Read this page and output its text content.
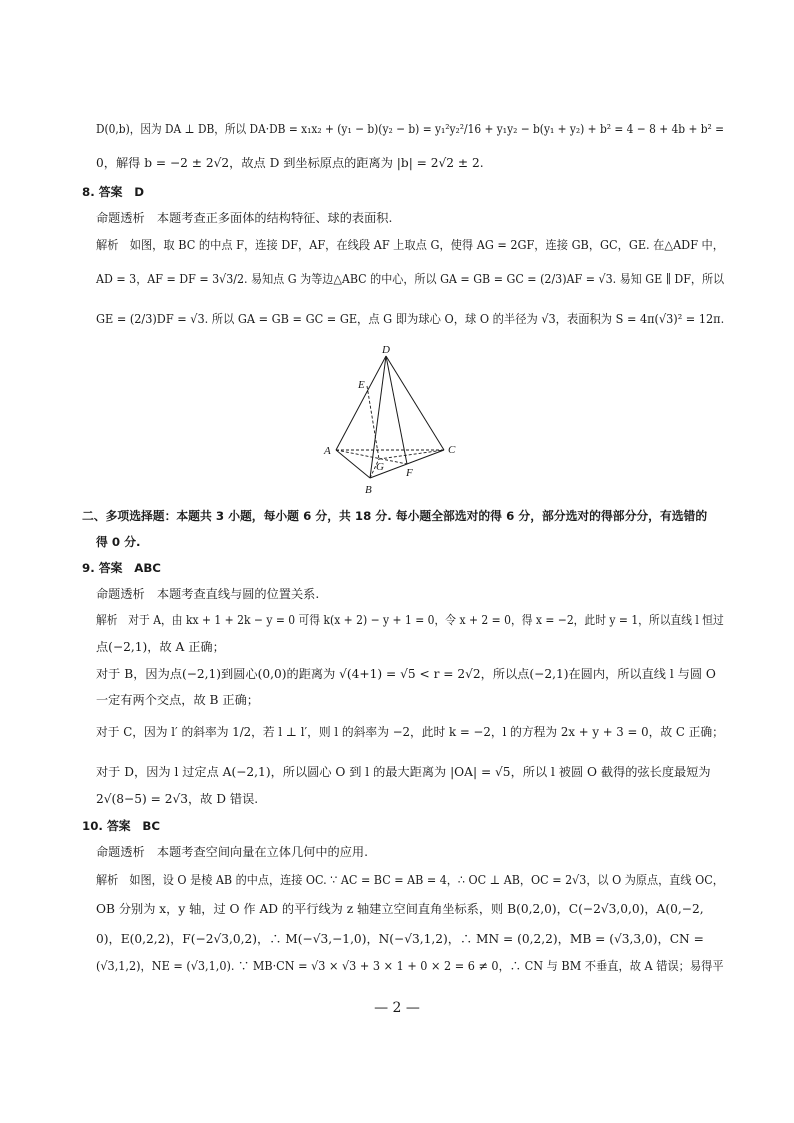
D(0,b)，因为 DA ⊥ DB，所以 DA·DB = x₁x₂ + (y₁ − b)(y₂ − b) = y₁²y₂²/16 + y₁y₂ − b(y₁ + y₂) + b² = 4 − 8 + 4b + b² =
0，解得 b = −2 ± 2√2，故点 D 到坐标原点的距离为 |b| = 2√2 ± 2.
8. 答案　D
命题透析　本题考查正多面体的结构特征、球的表面积.
解析　如图，取 BC 的中点 F，连接 DF，AF，在线段 AF 上取点 G，使得 AG = 2GF，连接 GB，GC，GE. 在△ADF 中，
AD = 3，AF = DF = 3√3/2. 易知点 G 为等边△ABC 的中心，所以 GA = GB = GC = (2/3)AF = √3. 易知 GE ∥ DF，所以
GE = (2/3)DF = √3. 所以 GA = GB = GC = GE，点 G 即为球心 O，球 O 的半径为 √3，表面积为 S = 4π(√3)² = 12π.
D
E
A
B
C
F
G
二、多项选择题：本题共 3 小题，每小题 6 分，共 18 分. 每小题全部选对的得 6 分，部分选对的得部分分，有选错的
得 0 分.
9. 答案　ABC
命题透析　本题考查直线与圆的位置关系.
解析　对于 A，由 kx + 1 + 2k − y = 0 可得 k(x + 2) − y + 1 = 0，令 x + 2 = 0，得 x = −2，此时 y = 1，所以直线 l 恒过
点(−2,1)，故 A 正确；
对于 B，因为点(−2,1)到圆心(0,0)的距离为 √(4+1) = √5 < r = 2√2，所以点(−2,1)在圆内，所以直线 l 与圆 O
一定有两个交点，故 B 正确；
对于 C，因为 l′ 的斜率为 1/2，若 l ⊥ l′，则 l 的斜率为 −2，此时 k = −2，l 的方程为 2x + y + 3 = 0，故 C 正确；
对于 D，因为 l 过定点 A(−2,1)，所以圆心 O 到 l 的最大距离为 |OA| = √5，所以 l 被圆 O 截得的弦长度最短为
2√(8−5) = 2√3，故 D 错误.
10. 答案　BC
命题透析　本题考查空间向量在立体几何中的应用.
解析　如图，设 O 是棱 AB 的中点，连接 OC. ∵ AC = BC = AB = 4，∴ OC ⊥ AB，OC = 2√3，以 O 为原点，直线 OC，
OB 分别为 x，y 轴，过 O 作 AD 的平行线为 z 轴建立空间直角坐标系，则 B(0,2,0)，C(−2√3,0,0)，A(0,−2,
0)，E(0,2,2)，F(−2√3,0,2)，∴ M(−√3,−1,0)，N(−√3,1,2)，∴ MN = (0,2,2)，MB = (√3,3,0)，CN =
(√3,1,2)，NE = (√3,1,0). ∵ MB·CN = √3 × √3 + 3 × 1 + 0 × 2 = 6 ≠ 0，∴ CN 与 BM 不垂直，故 A 错误；易得平
— 2 —
